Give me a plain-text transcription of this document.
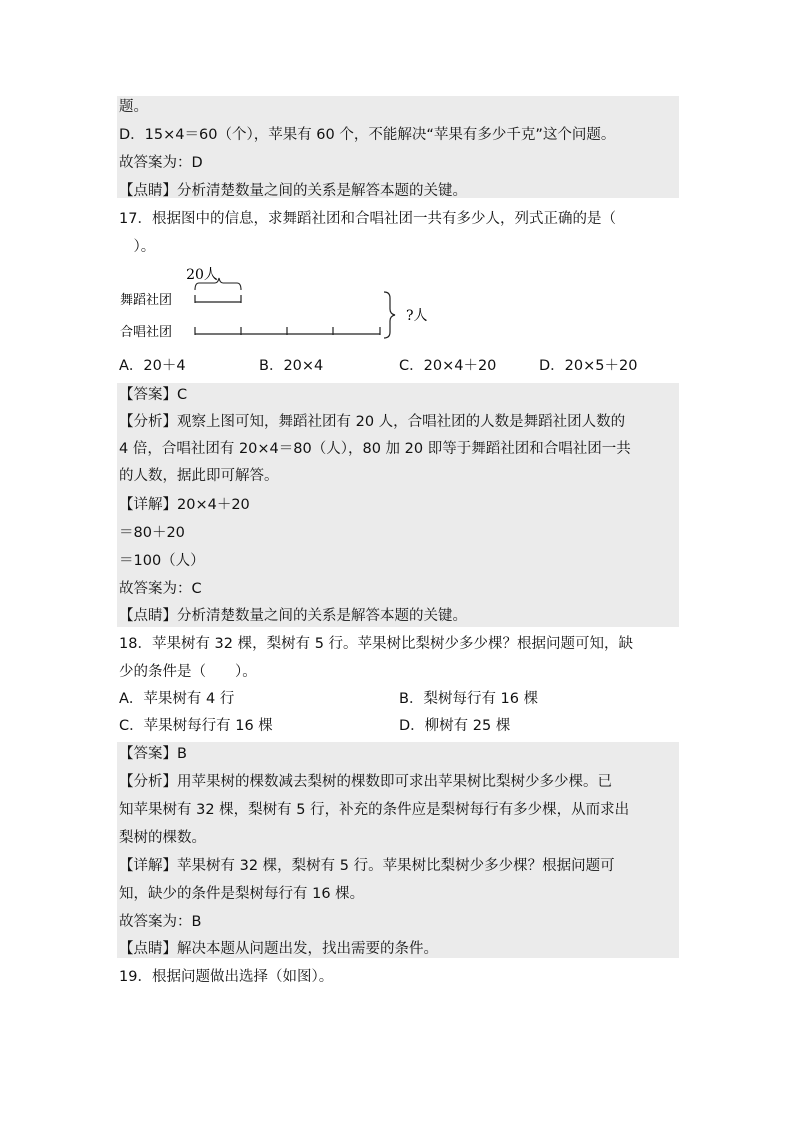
题。
D．15×4＝60（个），苹果有 60 个，不能解决“苹果有多少千克”这个问题。
故答案为：D
【点睛】分析清楚数量之间的关系是解答本题的关键。
17．根据图中的信息，求舞蹈社团和合唱社团一共有多少人，列式正确的是（
　）。
20人
舞蹈社团
合唱社团
?人
A．20＋4	B．20×4	C．20×4＋20	D．20×5＋20
【答案】C
【分析】观察上图可知，舞蹈社团有 20 人，合唱社团的人数是舞蹈社团人数的
4 倍，合唱社团有 20×4＝80（人），80 加 20 即等于舞蹈社团和合唱社团一共
的人数，据此即可解答。
【详解】20×4＋20
＝80＋20
＝100（人）
故答案为：C
【点睛】分析清楚数量之间的关系是解答本题的关键。
18．苹果树有 32 棵，梨树有 5 行。苹果树比梨树少多少棵？根据问题可知，缺
少的条件是（　　）。
A．苹果树有 4 行	B．梨树每行有 16 棵
C．苹果树每行有 16 棵	D．柳树有 25 棵
【答案】B
【分析】用苹果树的棵数减去梨树的棵数即可求出苹果树比梨树少多少棵。已
知苹果树有 32 棵，梨树有 5 行，补充的条件应是梨树每行有多少棵，从而求出
梨树的棵数。
【详解】苹果树有 32 棵，梨树有 5 行。苹果树比梨树少多少棵？根据问题可
知，缺少的条件是梨树每行有 16 棵。
故答案为：B
【点睛】解决本题从问题出发，找出需要的条件。
19．根据问题做出选择（如图）。
